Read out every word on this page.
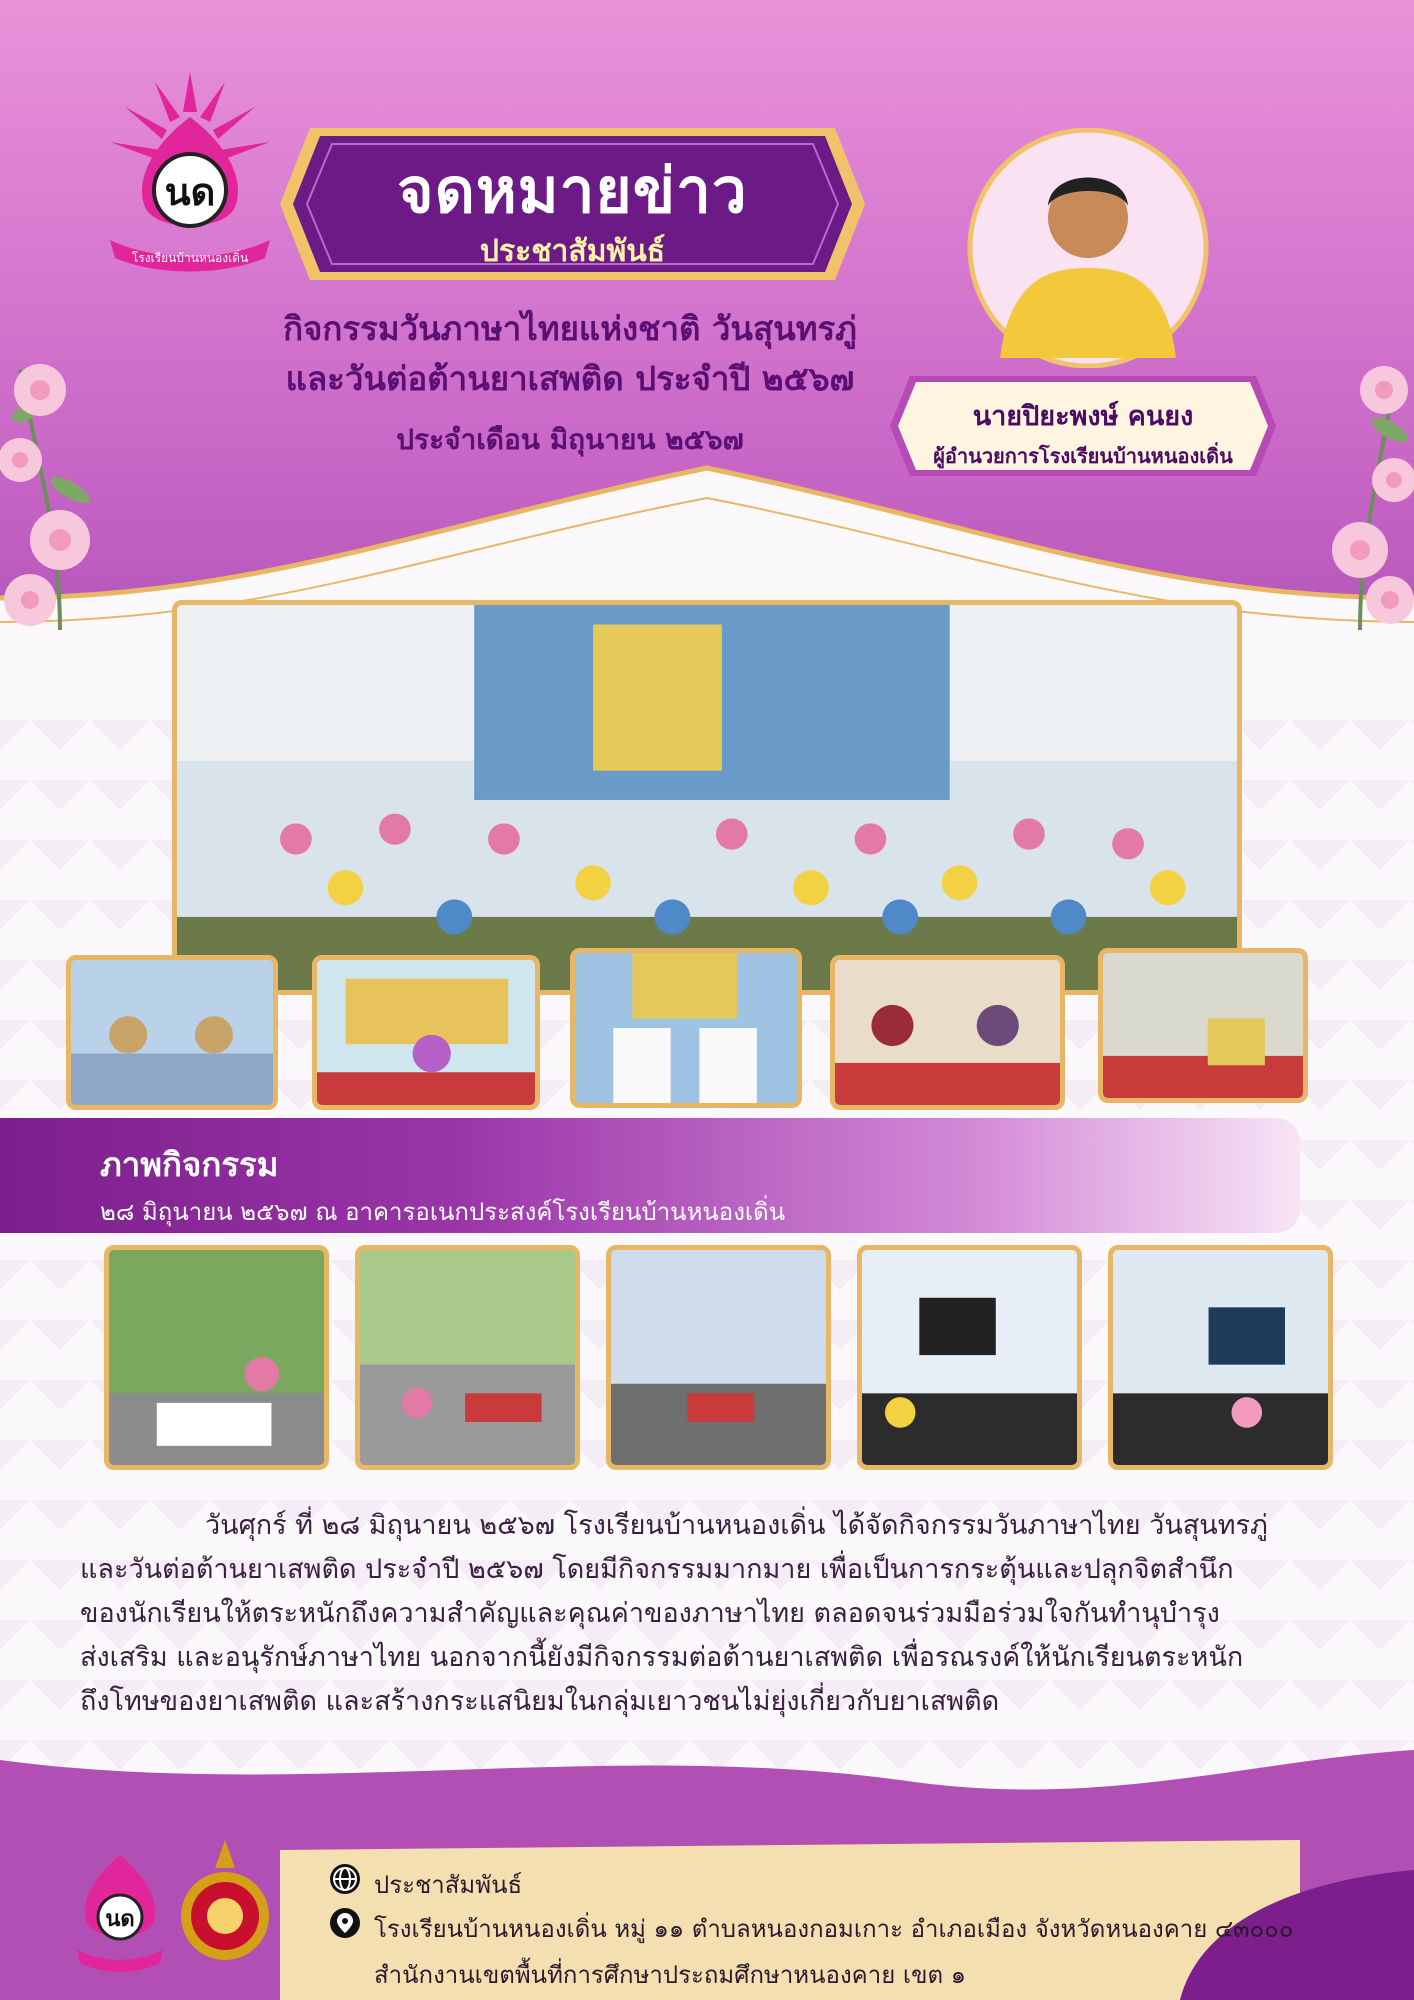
นด
โรงเรียนบ้านหนองเดิ่น
จดหมายข่าว
ประชาสัมพันธ์
กิจกรรมวันภาษาไทยแห่งชาติ วันสุนทรภู่
และวันต่อต้านยาเสพติด ประจำปี ๒๕๖๗
ประจำเดือน มิถุนายน ๒๕๖๗
นายปิยะพงษ์ คนยง
ผู้อำนวยการโรงเรียนบ้านหนองเดิ่น
ภาพกิจกรรม
๒๘ มิถุนายน ๒๕๖๗ ณ อาคารอเนกประสงค์โรงเรียนบ้านหนองเดิ่น
วันศุกร์ ที่ ๒๘ มิถุนายน ๒๕๖๗ โรงเรียนบ้านหนองเดิ่น ได้จัดกิจกรรมวันภาษาไทย วันสุนทรภู่
และวันต่อต้านยาเสพติด ประจำปี ๒๕๖๗ โดยมีกิจกรรมมากมาย เพื่อเป็นการกระตุ้นและปลุกจิตสำนึก
ของนักเรียนให้ตระหนักถึงความสำคัญและคุณค่าของภาษาไทย ตลอดจนร่วมมือร่วมใจกันทำนุบำรุง
ส่งเสริม และอนุรักษ์ภาษาไทย นอกจากนี้ยังมีกิจกรรมต่อต้านยาเสพติด เพื่อรณรงค์ให้นักเรียนตระหนัก
ถึงโทษของยาเสพติด และสร้างกระแสนิยมในกลุ่มเยาวชนไม่ยุ่งเกี่ยวกับยาเสพติด
นด
ประชาสัมพันธ์
โรงเรียนบ้านหนองเดิ่น หมู่ ๑๑ ตำบลหนองกอมเกาะ อำเภอเมือง จังหวัดหนองคาย ๔๓๐๐๐
สำนักงานเขตพื้นที่การศึกษาประถมศึกษาหนองคาย เขต ๑
